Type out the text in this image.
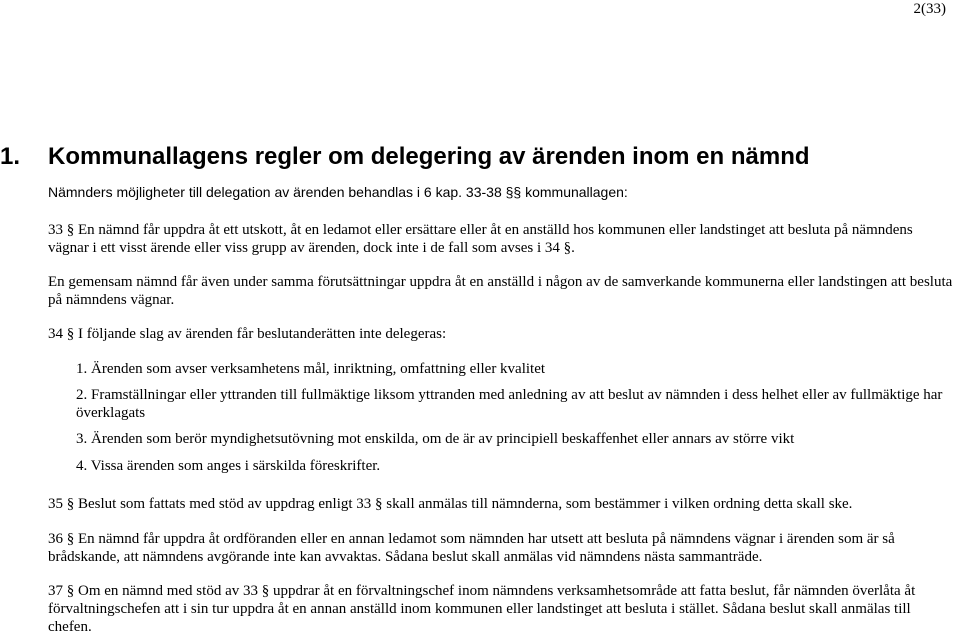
2(33)
1. Kommunallagens regler om delegering av ärenden inom en nämnd
Nämnders möjligheter till delegation av ärenden behandlas i 6 kap. 33-38 §§ kommunallagen:

33 § En nämnd får uppdra åt ett utskott, åt en ledamot eller ersättare eller åt en anställd hos kommunen eller landstinget att besluta på nämndens vägnar i ett visst ärende eller viss grupp av ärenden, dock inte i de fall som avses i 34 §.

En gemensam nämnd får även under samma förutsättningar uppdra åt en anställd i någon av de samverkande kommunerna eller landstingen att besluta på nämndens vägnar.

34 § I följande slag av ärenden får beslutanderätten inte delegeras:

1. Ärenden som avser verksamhetens mål, inriktning, omfattning eller kvalitet

2. Framställningar eller yttranden till fullmäktige liksom yttranden med anledning av att beslut av nämnden i dess helhet eller av fullmäktige har överklagats

3. Ärenden som berör myndighetsutövning mot enskilda, om de är av principiell beskaffenhet eller annars av större vikt

4. Vissa ärenden som anges i särskilda föreskrifter.

35 § Beslut som fattats med stöd av uppdrag enligt 33 § skall anmälas till nämnderna, som bestämmer i vilken ordning detta skall ske.

36 § En nämnd får uppdra åt ordföranden eller en annan ledamot som nämnden har utsett att besluta på nämndens vägnar i ärenden som är så brådskande, att nämndens avgörande inte kan avvaktas. Sådana beslut skall anmälas vid nämndens nästa sammanträde.

37 § Om en nämnd med stöd av 33 § uppdrar åt en förvaltningschef inom nämndens verksamhetsområde att fatta beslut, får nämnden överlåta åt förvaltningschefen att i sin tur uppdra åt en annan anställd inom kommunen eller landstinget att besluta i stället. Sådana beslut skall anmälas till chefen.
